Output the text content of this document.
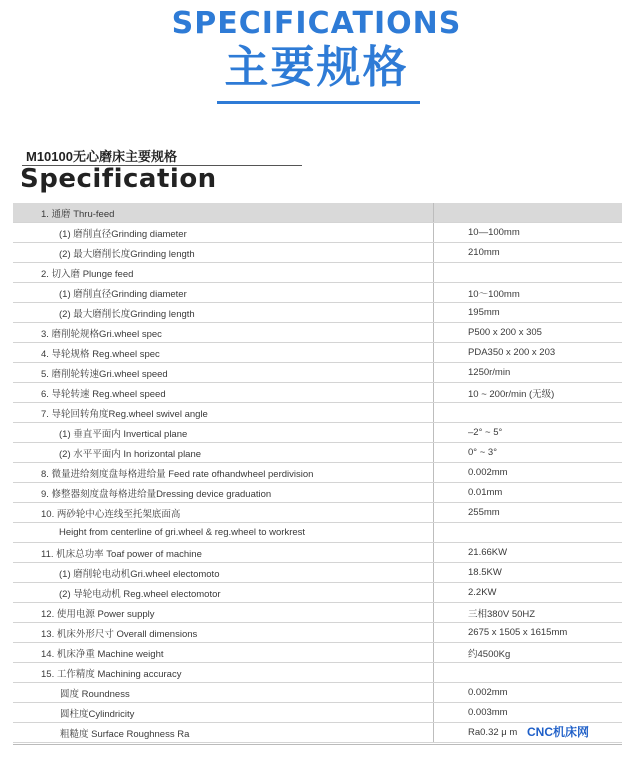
SPECIFICATIONS
主要规格
M10100无心磨床主要规格
Specification
1. 通磨 Thru-feed	
(1) 磨削直径Grinding diameter	10—100mm
(2) 最大磨削长度Grinding length	210mm
2. 切入磨 Plunge feed	
(1) 磨削直径Grinding diameter	10～100mm
(2) 最大磨削长度Grinding length	195mm
3. 磨削轮规格Gri.wheel spec	P500 x 200 x 305
4. 导轮规格 Reg.wheel spec	PDA350 x 200 x 203
5. 磨削轮转速Gri.wheel speed	1250r/min
6. 导轮转速 Reg.wheel speed	10 ~ 200r/min (无级)
7. 导轮回转角度Reg.wheel swivel angle	
(1) 垂直平面内 Invertical plane	–2° ~ 5°
(2) 水平平面内 In horizontal plane	0° ~ 3°
8. 微量进给刻度盘每格进给量 Feed rate ofhandwheel perdivision	0.002mm
9. 修整器刻度盘每格进给量Dressing device graduation	0.01mm
10. 两砂轮中心连线至托架底面高	255mm
Height from centerline of gri.wheel & reg.wheel to workrest	
11. 机床总功率 Toaf power of machine	21.66KW
(1) 磨削轮电动机Gri.wheel electomoto	18.5KW
(2) 导轮电动机 Reg.wheel electomotor	2.2KW
12. 使用电源 Power supply	三相380V 50HZ
13. 机床外形尺寸 Overall dimensions	2675 x 1505 x 1615mm
14. 机床净重 Machine weight	约4500Kg
15. 工作精度 Machining accuracy	
圆度 Roundness	0.002mm
圆柱度Cylindricity	0.003mm
粗糙度 Surface Roughness Ra	Ra0.32 μ m CNC机床网
